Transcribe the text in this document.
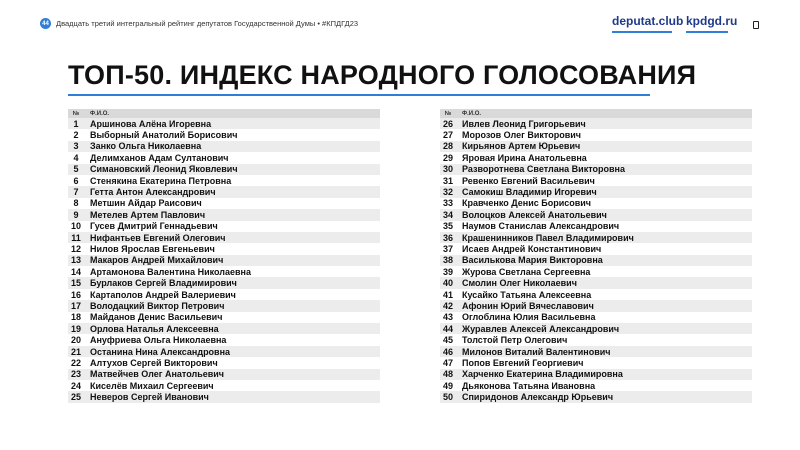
44 Двадцать третий интегральный рейтинг депутатов Государственной Думы • #КПДГД23	deputat.club kpdgd.ru
ТОП-50. ИНДЕКС НАРОДНОГО ГОЛОСОВАНИЯ
№	Ф.И.О.
1	Аршинова Алёна Игоревна
2	Выборный Анатолий Борисович
3	Занко Ольга Николаевна
4	Делимханов Адам Султанович
5	Симановский Леонид Яковлевич
6	Стенякина Екатерина Петровна
7	Гетта Антон Александрович
8	Метшин Айдар Раисович
9	Метелев Артем Павлович
10	Гусев Дмитрий Геннадьевич
11	Нифантьев Евгений Олегович
12	Нилов Ярослав Евгеньевич
13	Макаров Андрей Михайлович
14	Артамонова Валентина Николаевна
15	Бурлаков Сергей Владимирович
16	Картаполов Андрей Валериевич
17	Володацкий Виктор Петрович
18	Майданов Денис Васильевич
19	Орлова Наталья Алексеевна
20	Ануфриева Ольга Николаевна
21	Останина Нина Александровна
22	Алтухов Сергей Викторович
23	Матвейчев Олег Анатольевич
24	Киселёв Михаил Сергеевич
25	Неверов Сергей Иванович
№	Ф.И.О.
26	Ивлев Леонид Григорьевич
27	Морозов Олег Викторович
28	Кирьянов Артем Юрьевич
29	Яровая Ирина Анатольевна
30	Разворотнева Светлана Викторовна
31	Ревенко Евгений Васильевич
32	Самокиш Владимир Игоревич
33	Кравченко Денис Борисович
34	Волоцков Алексей Анатольевич
35	Наумов Станислав Александрович
36	Крашенинников Павел Владимирович
37	Исаев Андрей Константинович
38	Василькова Мария Викторовна
39	Журова Светлана Сергеевна
40	Смолин Олег Николаевич
41	Кусайко Татьяна Алексеевна
42	Афонин Юрий Вячеславович
43	Оглоблина Юлия Васильевна
44	Журавлев Алексей Александрович
45	Толстой Петр Олегович
46	Милонов Виталий Валентинович
47	Попов Евгений Георгиевич
48	Харченко Екатерина Владимировна
49	Дьяконова Татьяна Ивановна
50	Спиридонов Александр Юрьевич
